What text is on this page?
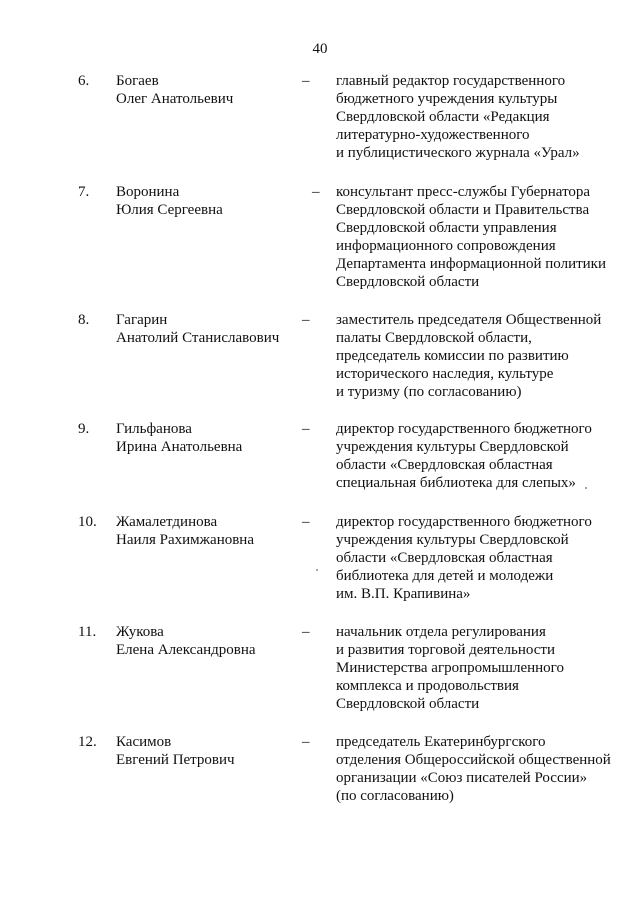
40
6. Богаев
Олег Анатольевич
– главный редактор государственного
бюджетного учреждения культуры
Свердловской области «Редакция
литературно-художественного
и публицистического журнала «Урал»
7. Воронина
Юлия Сергеевна
– консультант пресс-службы Губернатора
Свердловской области и Правительства
Свердловской области управления
информационного сопровождения
Департамента информационной политики
Свердловской области
8. Гагарин
Анатолий Станиславович
– заместитель председателя Общественной
палаты Свердловской области,
председатель комиссии по развитию
исторического наследия, культуре
и туризму (по согласованию)
9. Гильфанова
Ирина Анатольевна
– директор государственного бюджетного
учреждения культуры Свердловской
области «Свердловская областная
специальная библиотека для слепых»
10. Жамалетдинова
Наиля Рахимжановна
– директор государственного бюджетного
учреждения культуры Свердловской
области «Свердловская областная
библиотека для детей и молодежи
им. В.П. Крапивина»
11. Жукова
Елена Александровна
– начальник отдела регулирования
и развития торговой деятельности
Министерства агропромышленного
комплекса и продовольствия
Свердловской области
12. Касимов
Евгений Петрович
– председатель Екатеринбургского
отделения Общероссийской общественной
организации «Союз писателей России»
(по согласованию)
